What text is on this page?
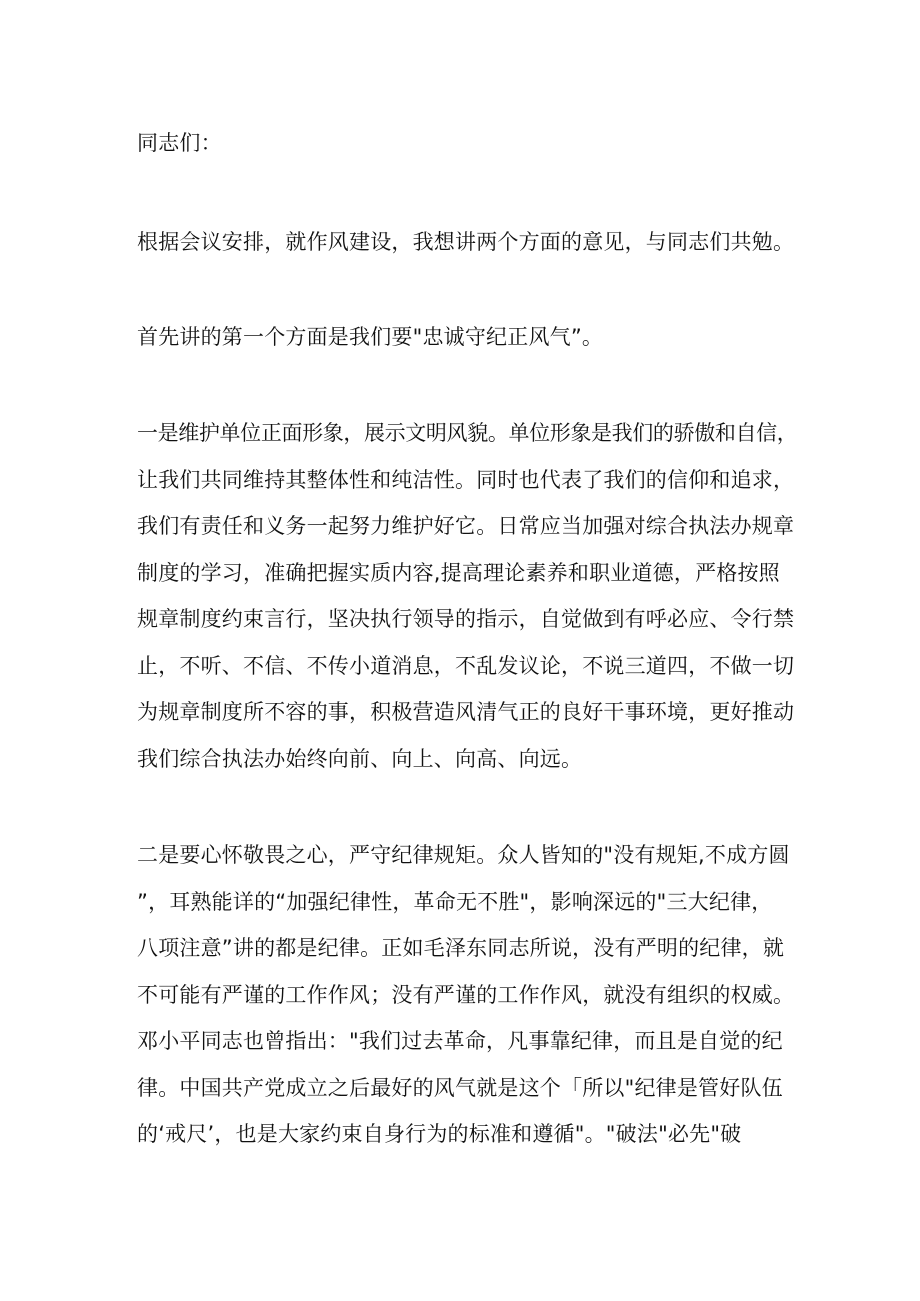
同志们：
根据会议安排，就作风建设，我想讲两个方面的意见，与同志们共勉。
首先讲的第一个方面是我们要"忠诚守纪正风气”。
一是维护单位正面形象，展示文明风貌。单位形象是我们的骄傲和自信，
让我们共同维持其整体性和纯洁性。同时也代表了我们的信仰和追求，
我们有责任和义务一起努力维护好它。日常应当加强对综合执法办规章
制度的学习，准确把握实质内容,提高理论素养和职业道德，严格按照
规章制度约束言行，坚决执行领导的指示，自觉做到有呼必应、令行禁
止，不听、不信、不传小道消息，不乱发议论，不说三道四，不做一切
为规章制度所不容的事，积极营造风清气正的良好干事环境，更好推动
我们综合执法办始终向前、向上、向高、向远。
二是要心怀敬畏之心，严守纪律规矩。众人皆知的"没有规矩,不成方圆
”，耳熟能详的“加强纪律性，革命无不胜"，影响深远的"三大纪律，
八项注意”讲的都是纪律。正如毛泽东同志所说，没有严明的纪律，就
不可能有严谨的工作作风；没有严谨的工作作风，就没有组织的权威。
邓小平同志也曾指出："我们过去革命，凡事靠纪律，而且是自觉的纪
律。中国共产党成立之后最好的风气就是这个「所以"纪律是管好队伍
的‘戒尺’，也是大家约束自身行为的标准和遵循"。"破法"必先"破
